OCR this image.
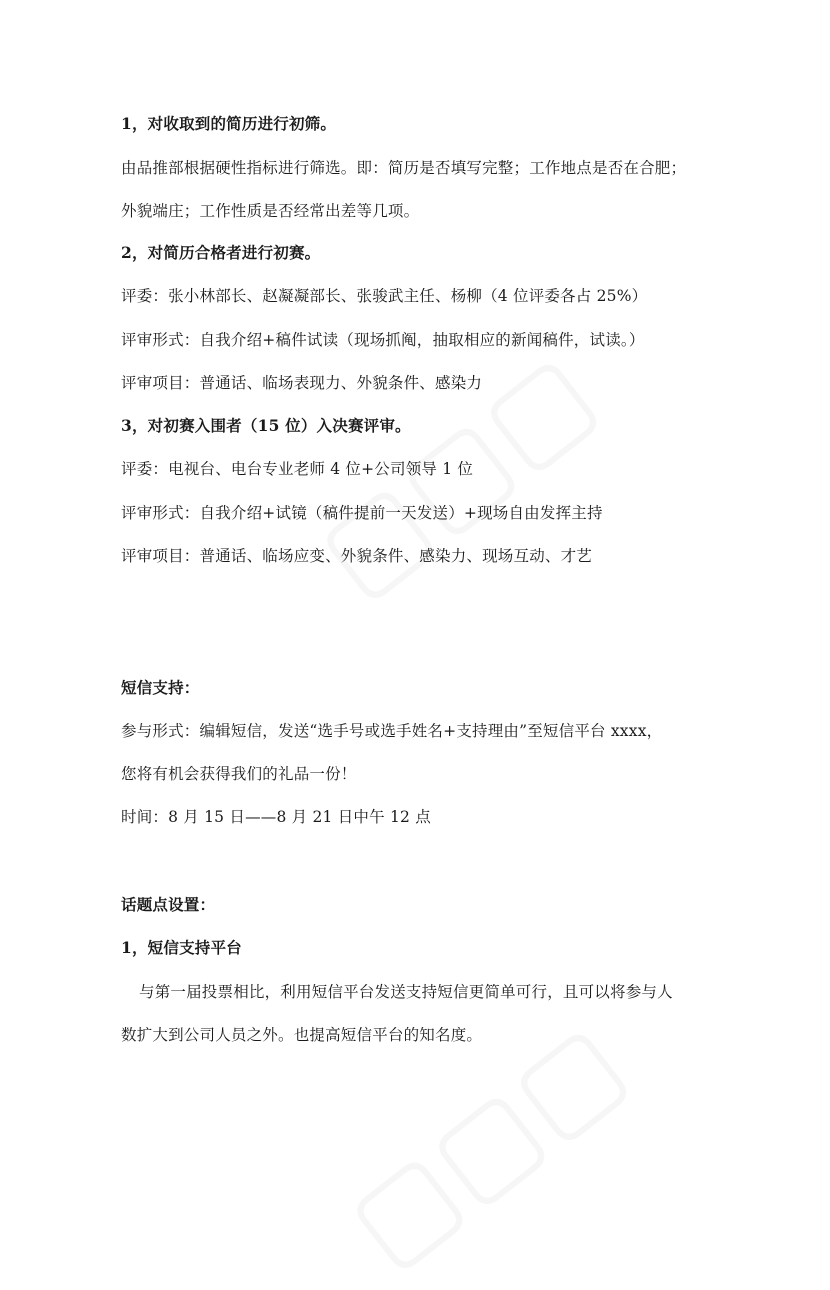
1，对收取到的简历进行初筛。
由品推部根据硬性指标进行筛选。即：简历是否填写完整；工作地点是否在合肥；
外貌端庄；工作性质是否经常出差等几项。
2，对简历合格者进行初赛。
评委：张小林部长、赵凝凝部长、张骏武主任、杨柳（4 位评委各占 25%）
评审形式：自我介绍+稿件试读（现场抓阄，抽取相应的新闻稿件，试读。）
评审项目：普通话、临场表现力、外貌条件、感染力
3，对初赛入围者（15 位）入决赛评审。
评委：电视台、电台专业老师 4 位+公司领导 1 位
评审形式：自我介绍+试镜（稿件提前一天发送）+现场自由发挥主持
评审项目：普通话、临场应变、外貌条件、感染力、现场互动、才艺
短信支持：
参与形式：编辑短信，发送“选手号或选手姓名+支持理由”至短信平台 xxxx，
您将有机会获得我们的礼品一份！
时间：8 月 15 日——8 月 21 日中午 12 点
话题点设置：
1，短信支持平台
与第一届投票相比，利用短信平台发送支持短信更简单可行，且可以将参与人
数扩大到公司人员之外。也提高短信平台的知名度。
